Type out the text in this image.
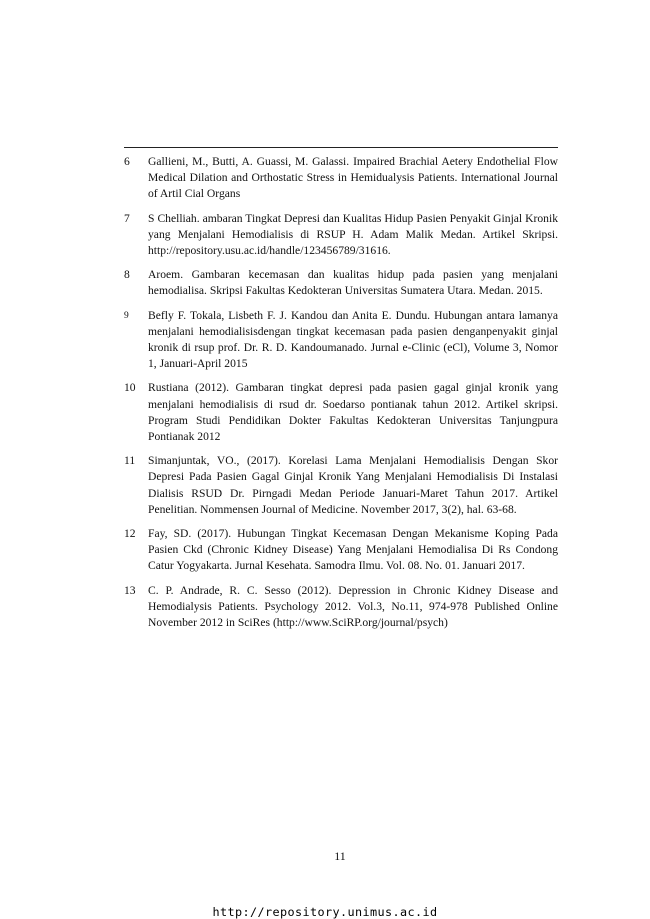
6 Gallieni, M., Butti, A. Guassi, M. Galassi. Impaired Brachial Aetery Endothelial Flow Medical Dilation and Orthostatic Stress in Hemidualysis Patients. International Journal of Artil Cial Organs
7 S Chelliah. ambaran Tingkat Depresi dan Kualitas Hidup Pasien Penyakit Ginjal Kronik yang Menjalani Hemodialisis di RSUP H. Adam Malik Medan. Artikel Skripsi. http://repository.usu.ac.id/handle/123456789/31616.
8 Aroem. Gambaran kecemasan dan kualitas hidup pada pasien yang menjalani hemodialisa. Skripsi Fakultas Kedokteran Universitas Sumatera Utara. Medan. 2015.
9 Befly F. Tokala, Lisbeth F. J. Kandou dan Anita E. Dundu. Hubungan antara lamanya menjalani hemodialisisdengan tingkat kecemasan pada pasien denganpenyakit ginjal kronik di rsup prof. Dr. R. D. Kandoumanado. Jurnal e-Clinic (eCl), Volume 3, Nomor 1, Januari-April 2015
10 Rustiana (2012). Gambaran tingkat depresi pada pasien gagal ginjal kronik yang menjalani hemodialisis di rsud dr. Soedarso pontianak tahun 2012. Artikel skripsi. Program Studi Pendidikan Dokter Fakultas Kedokteran Universitas Tanjungpura Pontianak 2012
11 Simanjuntak, VO., (2017). Korelasi Lama Menjalani Hemodialisis Dengan Skor Depresi Pada Pasien Gagal Ginjal Kronik Yang Menjalani Hemodialisis Di Instalasi Dialisis RSUD Dr. Pirngadi Medan Periode Januari-Maret Tahun 2017. Artikel Penelitian. Nommensen Journal of Medicine. November 2017, 3(2), hal. 63-68.
12 Fay, SD. (2017). Hubungan Tingkat Kecemasan Dengan Mekanisme Koping Pada Pasien Ckd (Chronic Kidney Disease) Yang Menjalani Hemodialisa Di Rs Condong Catur Yogyakarta. Jurnal Kesehata. Samodra Ilmu. Vol. 08. No. 01. Januari 2017.
13 C. P. Andrade, R. C. Sesso (2012). Depression in Chronic Kidney Disease and Hemodialysis Patients. Psychology 2012. Vol.3, No.11, 974-978 Published Online November 2012 in SciRes (http://www.SciRP.org/journal/psych)
11
http://repository.unimus.ac.id
